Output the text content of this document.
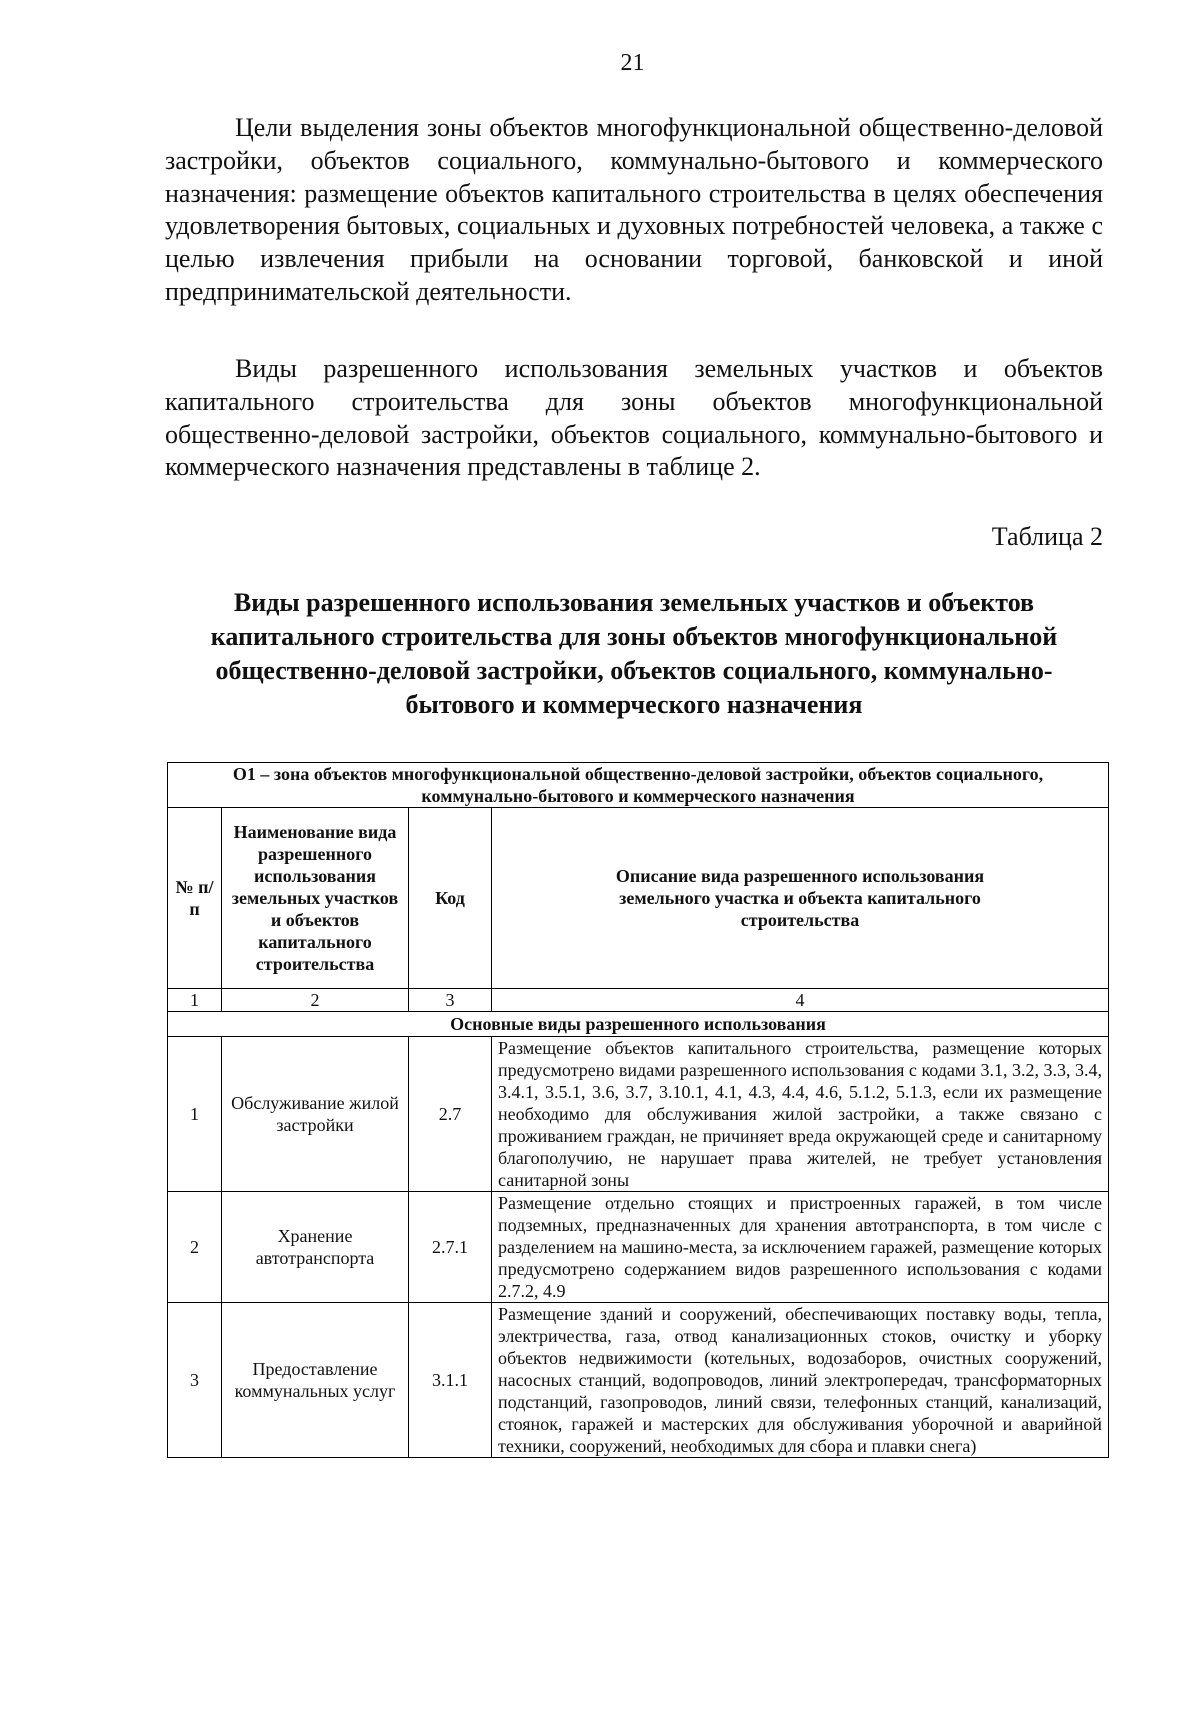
21

Цели выделения зоны объектов многофункциональной общественно-деловой застройки, объектов социального, коммунально-бытового и коммерческого назначения: размещение объектов капитального строительства в целях обеспечения удовлетворения бытовых, социальных и духовных потребностей человека, а также с целью извлечения прибыли на основании торговой, банковской и иной предпринимательской деятельности.

Виды разрешенного использования земельных участков и объектов капитального строительства для зоны объектов многофункциональной общественно-деловой застройки, объектов социального, коммунально-бытового и коммерческого назначения представлены в таблице 2.

Таблица 2

Виды разрешенного использования земельных участков и объектов капитального строительства для зоны объектов многофункциональной общественно-деловой застройки, объектов социального, коммунально-бытового и коммерческого назначения

О1 – зона объектов многофункциональной общественно-деловой застройки, объектов социального, коммунально-бытового и коммерческого назначения			
№ п/п	Наименование вида разрешенного использования земельных участков и объектов капитального строительства	Код	Описание вида разрешенного использования земельного участка и объекта капитального строительства
1	2	3	4
Основные виды разрешенного использования			
1	Обслуживание жилой застройки	2.7	Размещение объектов капитального строительства, размещение которых предусмотрено видами разрешенного использования с кодами 3.1, 3.2, 3.3, 3.4, 3.4.1, 3.5.1, 3.6, 3.7, 3.10.1, 4.1, 4.3, 4.4, 4.6, 5.1.2, 5.1.3, если их размещение необходимо для обслуживания жилой застройки, а также связано с проживанием граждан, не причиняет вреда окружающей среде и санитарному благополучию, не нарушает права жителей, не требует установления санитарной зоны
2	Хранение автотранспорта	2.7.1	Размещение отдельно стоящих и пристроенных гаражей, в том числе подземных, предназначенных для хранения автотранспорта, в том числе с разделением на машино-места, за исключением гаражей, размещение которых предусмотрено содержанием видов разрешенного использования с кодами 2.7.2, 4.9
3	Предоставление коммунальных услуг	3.1.1	Размещение зданий и сооружений, обеспечивающих поставку воды, тепла, электричества, газа, отвод канализационных стоков, очистку и уборку объектов недвижимости (котельных, водозаборов, очистных сооружений, насосных станций, водопроводов, линий электропередач, трансформаторных подстанций, газопроводов, линий связи, телефонных станций, канализаций, стоянок, гаражей и мастерских для обслуживания уборочной и аварийной техники, сооружений, необходимых для сбора и плавки снега)
